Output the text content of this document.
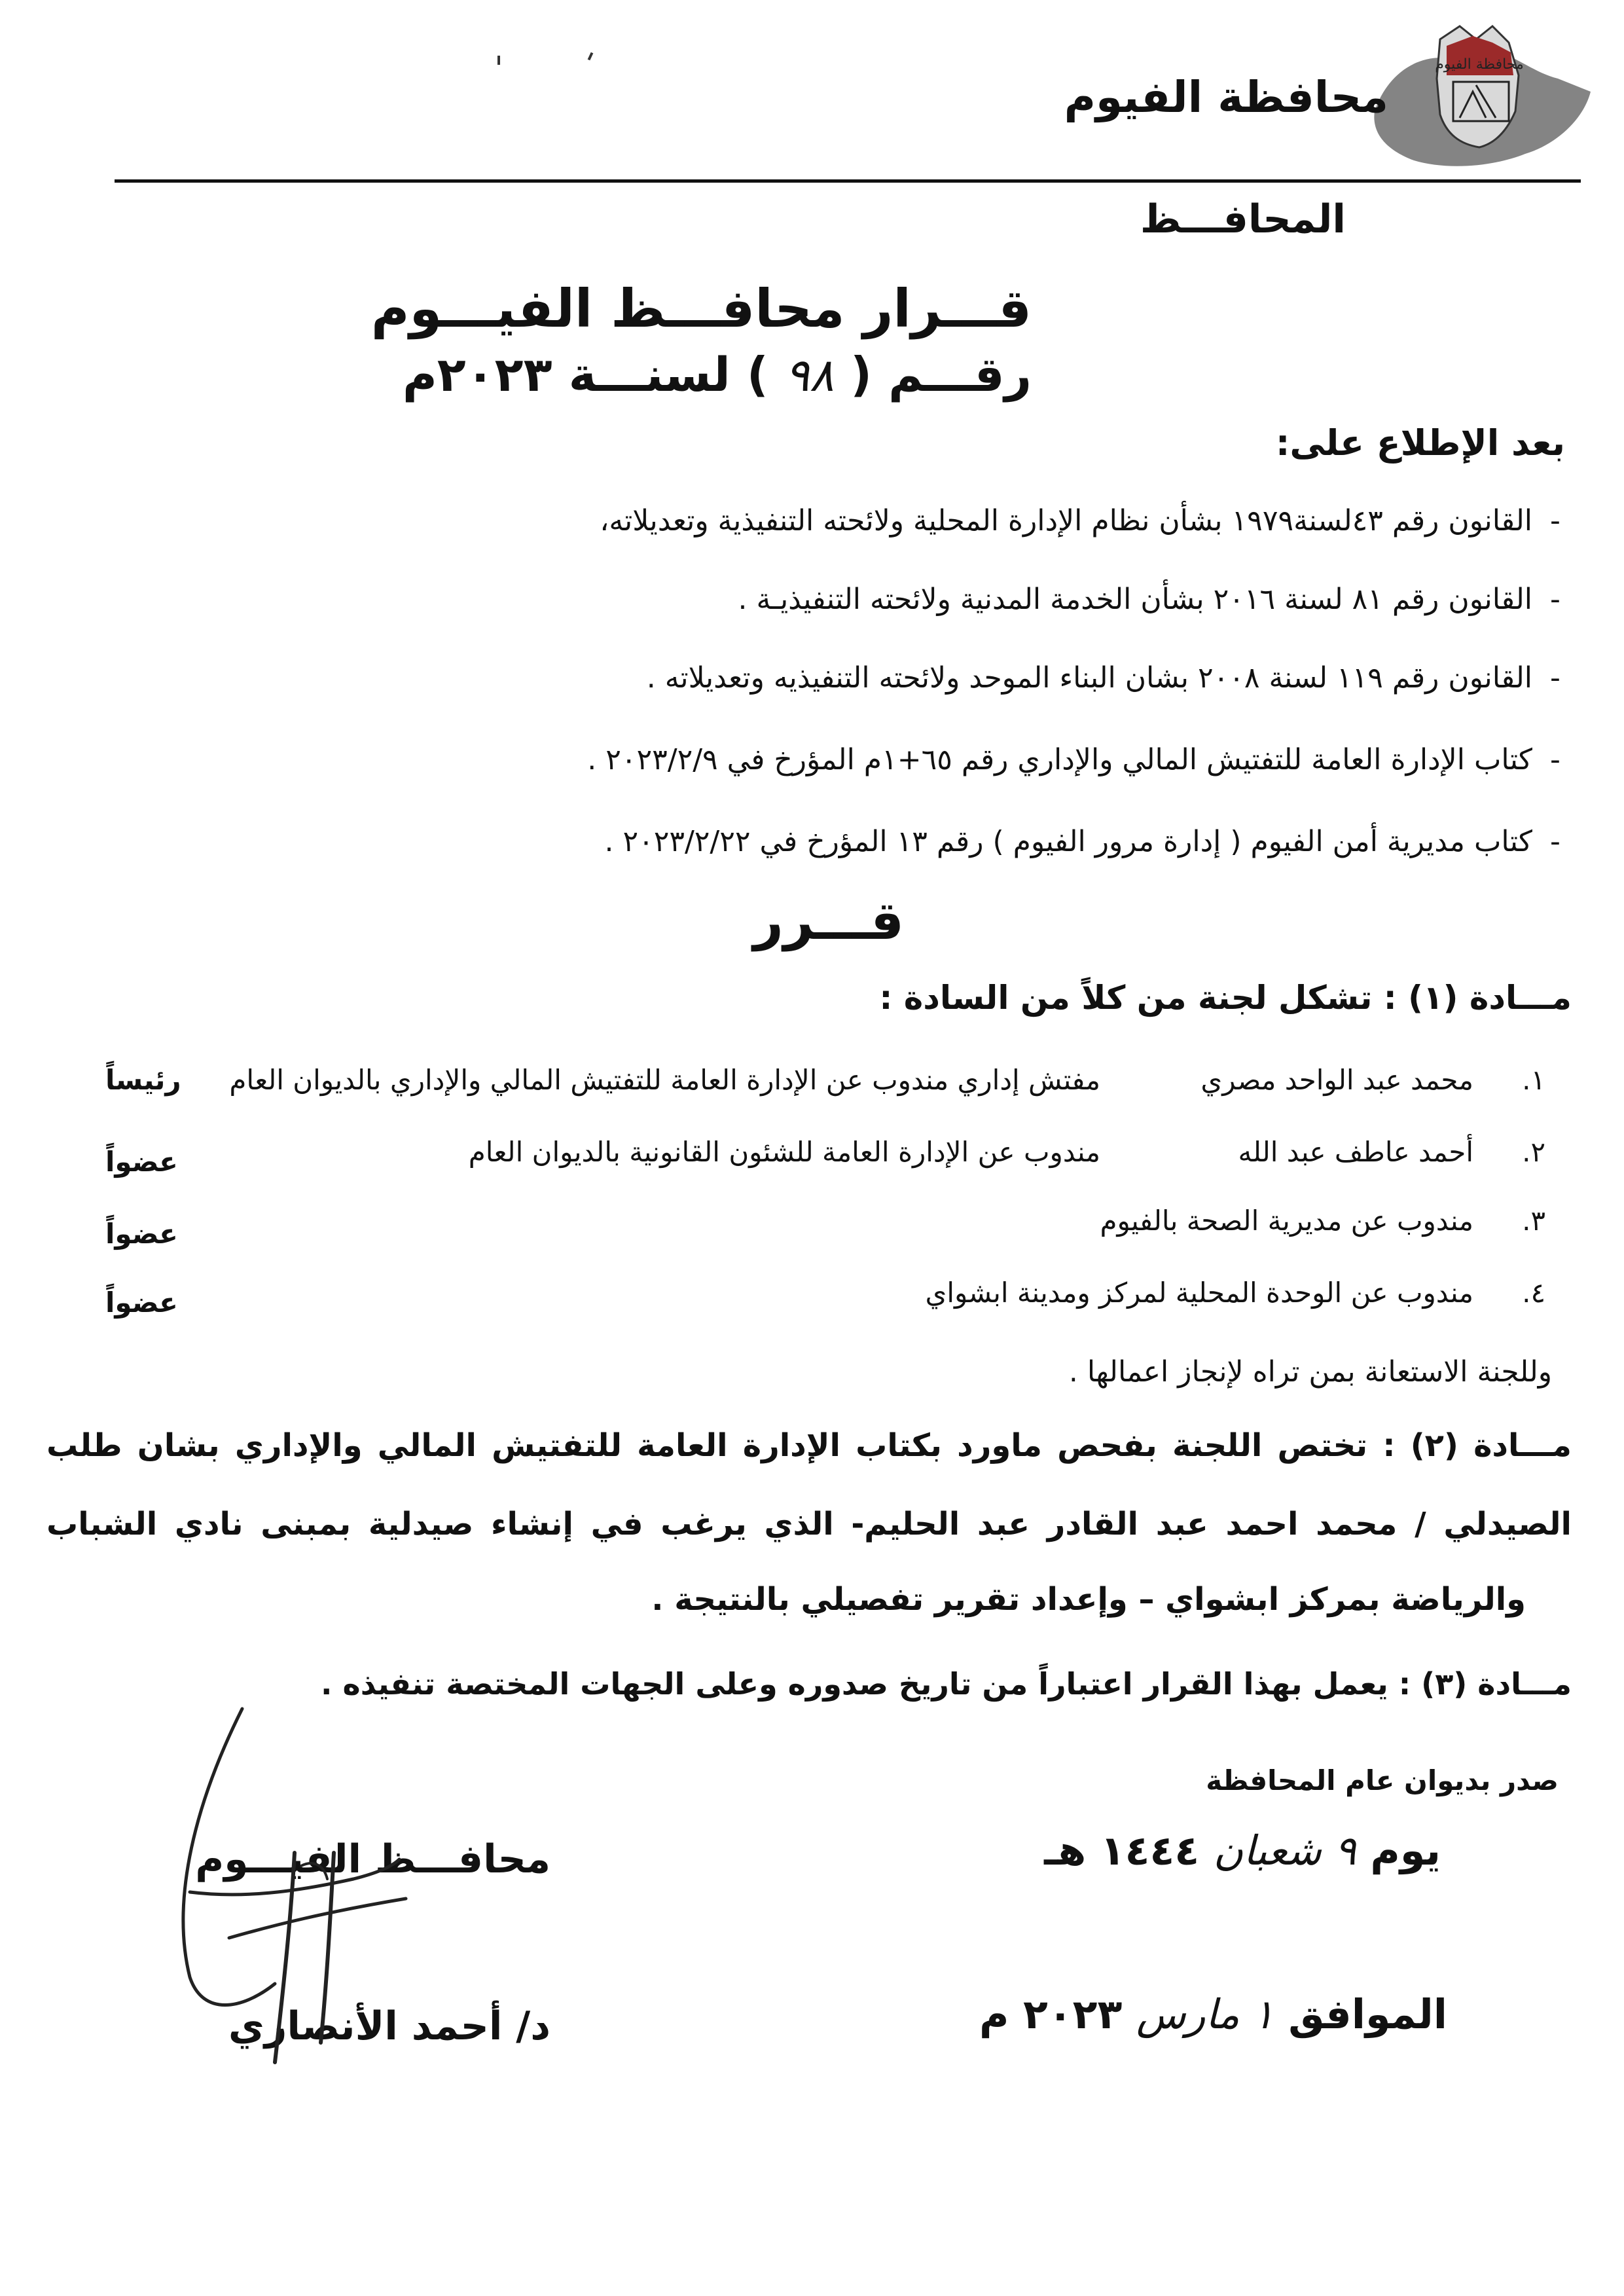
محافظة الفيوم
محافظة الفيوم
المحافـــظ
قـــرار محافـــظ الفيـــوم
رقـــم ( ٩٨ ) لسنـــة ٢٠٢٣م
بعد الإطلاع على:
-القانون رقم ٤٣لسنة١٩٧٩ بشأن نظام الإدارة المحلية ولائحته التنفيذية وتعديلاته،
-القانون رقم ٨١ لسنة ٢٠١٦ بشأن الخدمة المدنية ولائحته التنفيذيـة .
-القانون رقم ١١٩ لسنة ٢٠٠٨ بشان البناء الموحد ولائحته التنفيذيه وتعديلاته .
-كتاب الإدارة العامة للتفتيش المالي والإداري رقم ٦٥+١م المؤرخ في ٢٠٢٣/٢/٩ .
-كتاب مديرية أمن الفيوم ( إدارة مرور الفيوم ) رقم ١٣ المؤرخ في ٢٠٢٣/٢/٢٢ .
قـــرر
مـــادة (١) : تشكل لجنة من كلاً من السادة :
١.
محمد عبد الواحد مصري
مفتش إداري مندوب عن الإدارة العامة للتفتيش المالي والإداري بالديوان العام
رئيساً
٢.
أحمد عاطف عبد الله
مندوب عن الإدارة العامة للشئون القانونية بالديوان العام
عضواً
٣.
مندوب عن مديرية الصحة بالفيوم
عضواً
٤.
مندوب عن الوحدة المحلية لمركز ومدينة ابشواي
عضواً
وللجنة الاستعانة بمن تراه لإنجاز اعمالها .
مـــادة (٢) : تختص اللجنة بفحص ماورد بكتاب الإدارة العامة للتفتيش المالي والإداري بشان طلب
الصيدلي / محمد احمد عبد القادر عبد الحليم- الذي يرغب في إنشاء صيدلية بمبنى نادي الشباب
والرياضة بمركز ابشواي – وإعداد تقرير تفصيلي بالنتيجة .
مـــادة (٣) : يعمل بهذا القرار اعتباراً من تاريخ صدوره وعلى الجهات المختصة تنفيذه .
صدر بديوان عام المحافظة
يوم ٩ شعبان ١٤٤٤ هـ
الموافق ١ مارس ٢٠٢٣ م
محافـــظ الفيـــوم
د/ أحمد الأنصاري
